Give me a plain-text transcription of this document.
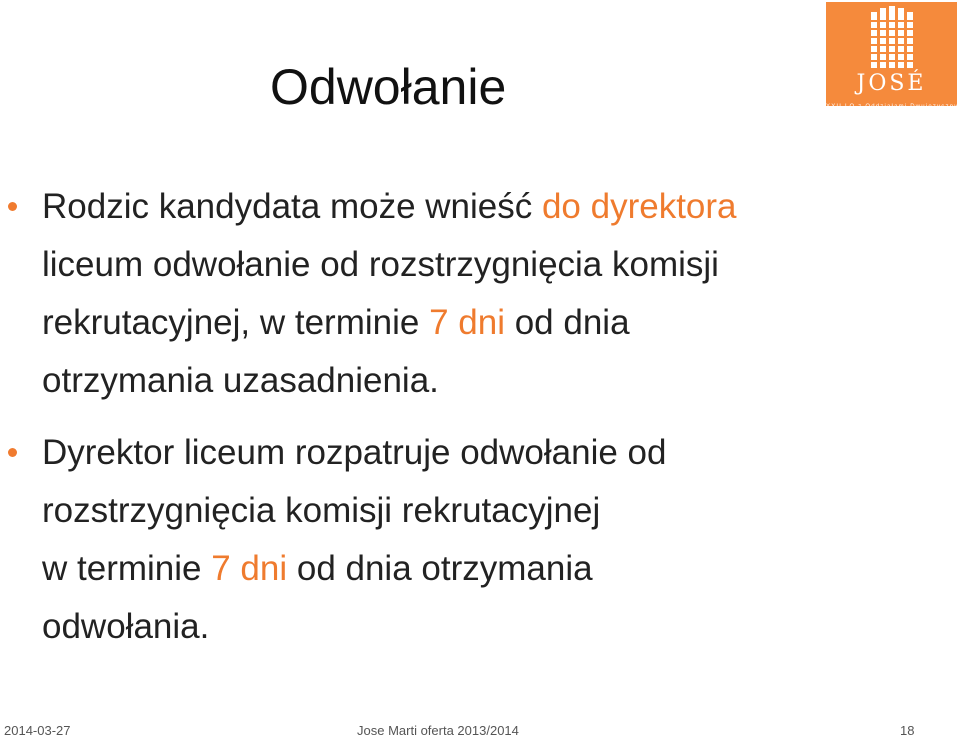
Odwołanie	JOSÉ
XXII LO z Oddziałami Dwujęzycznymi
im. José Martí w Warszawie
Rodzic kandydata może wnieść do dyrektora
liceum odwołanie od rozstrzygnięcia komisji
rekrutacyjnej, w terminie 7 dni od dnia
otrzymania uzasadnienia.
Dyrektor liceum rozpatruje odwołanie od
rozstrzygnięcia komisji rekrutacyjnej
w terminie 7 dni od dnia otrzymania
odwołania.
2014-03-27	Jose Marti oferta 2013/2014	18
